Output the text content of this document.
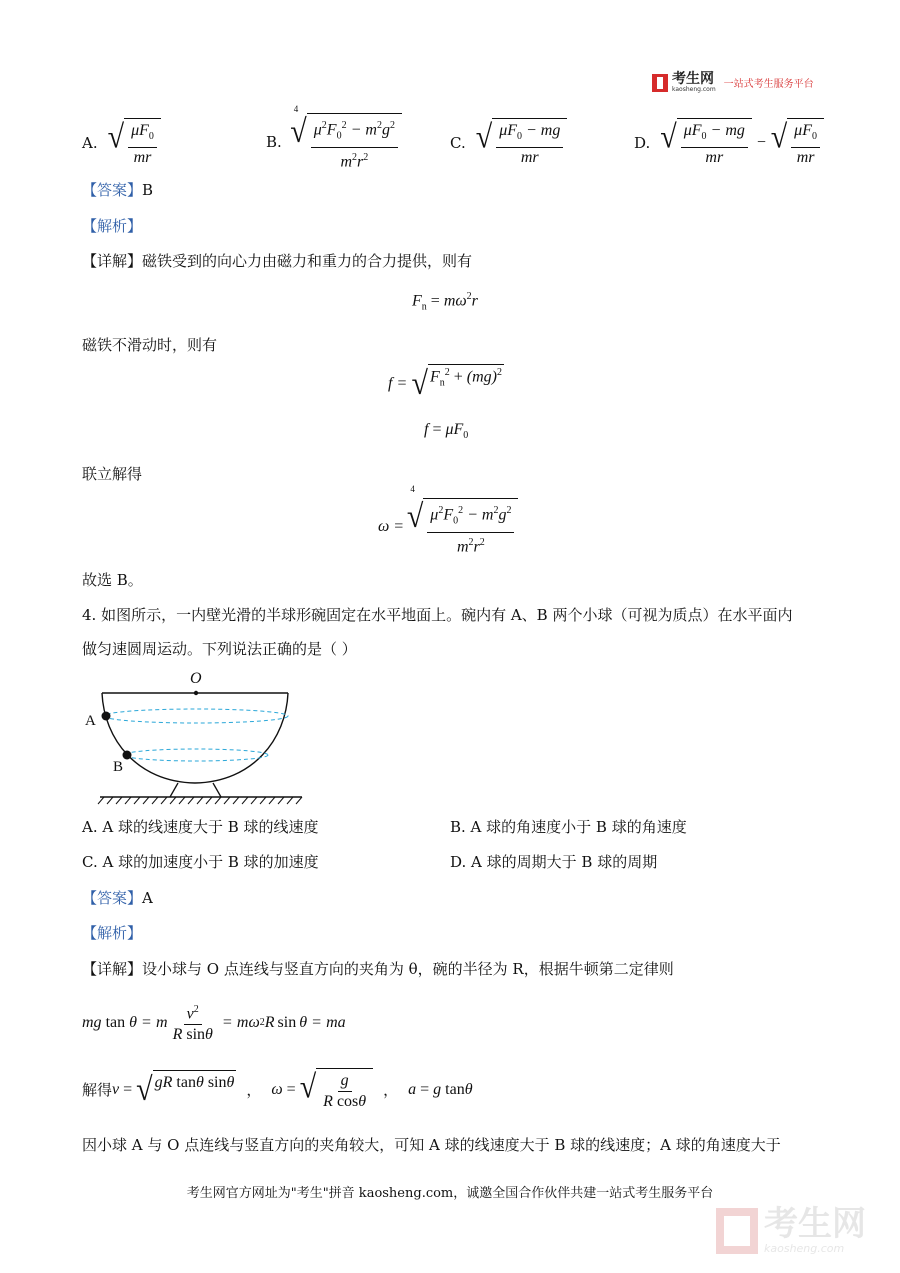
考生网
kaosheng.com 一站式考生服务平台
A. √ $\frac{\mu F_0}{mr}$	B.
4
√ $\frac{\mu^2F_0^2 - m^2g^2}{m^2r^2}$	C. √ $\frac{\mu F_0 - mg}{mr}$	D. √ $\frac{\mu F_0 - mg}{mr}$ − √ $\frac{\mu F_0}{mr}$
【答案】B
【解析】
【详解】磁铁受到的向心力由磁力和重力的合力提供，则有
$F_n = m\omega^2r$
磁铁不滑动时，则有
f = √ $F_n^2 + (mg)^2$
$f = \mu F_0$
联立解得
ω =
4
√ $\frac{\mu^2F_0^2 - m^2g^2}{m^2r^2}$
故选 B。
4. 如图所示，一内壁光滑的半球形碗固定在水平地面上。碗内有 A、B 两个小球（可视为质点）在水平面内
做匀速圆周运动。下列说法正确的是（ ）
O
A
B
A. A 球的线速度大于 B 球的线速度	B. A 球的角速度小于 B 球的角速度
C. A 球的加速度小于 B 球的加速度	D. A 球的周期大于 B 球的周期
【答案】A
【解析】
【详解】设小球与 O 点连线与竖直方向的夹角为 θ，碗的半径为 R，根据牛顿第二定律则
mg tan θ = m $\frac{v^2}{\text{R sinθ}} = m\omega$ 2 R sin θ = ma
解得 v = √ gR tanθ sinθ ， ω = √ $\frac{g}{\text{R cosθ}}$ ， a = g tanθ
因小球 A 与 O 点连线与竖直方向的夹角较大，可知 A 球的线速度大于 B 球的线速度；A 球的角速度大于
考生网官方网址为"考生"拼音 kaosheng.com，诚邀全国合作伙伴共建一站式考生服务平台
考生网
kaosheng.com
